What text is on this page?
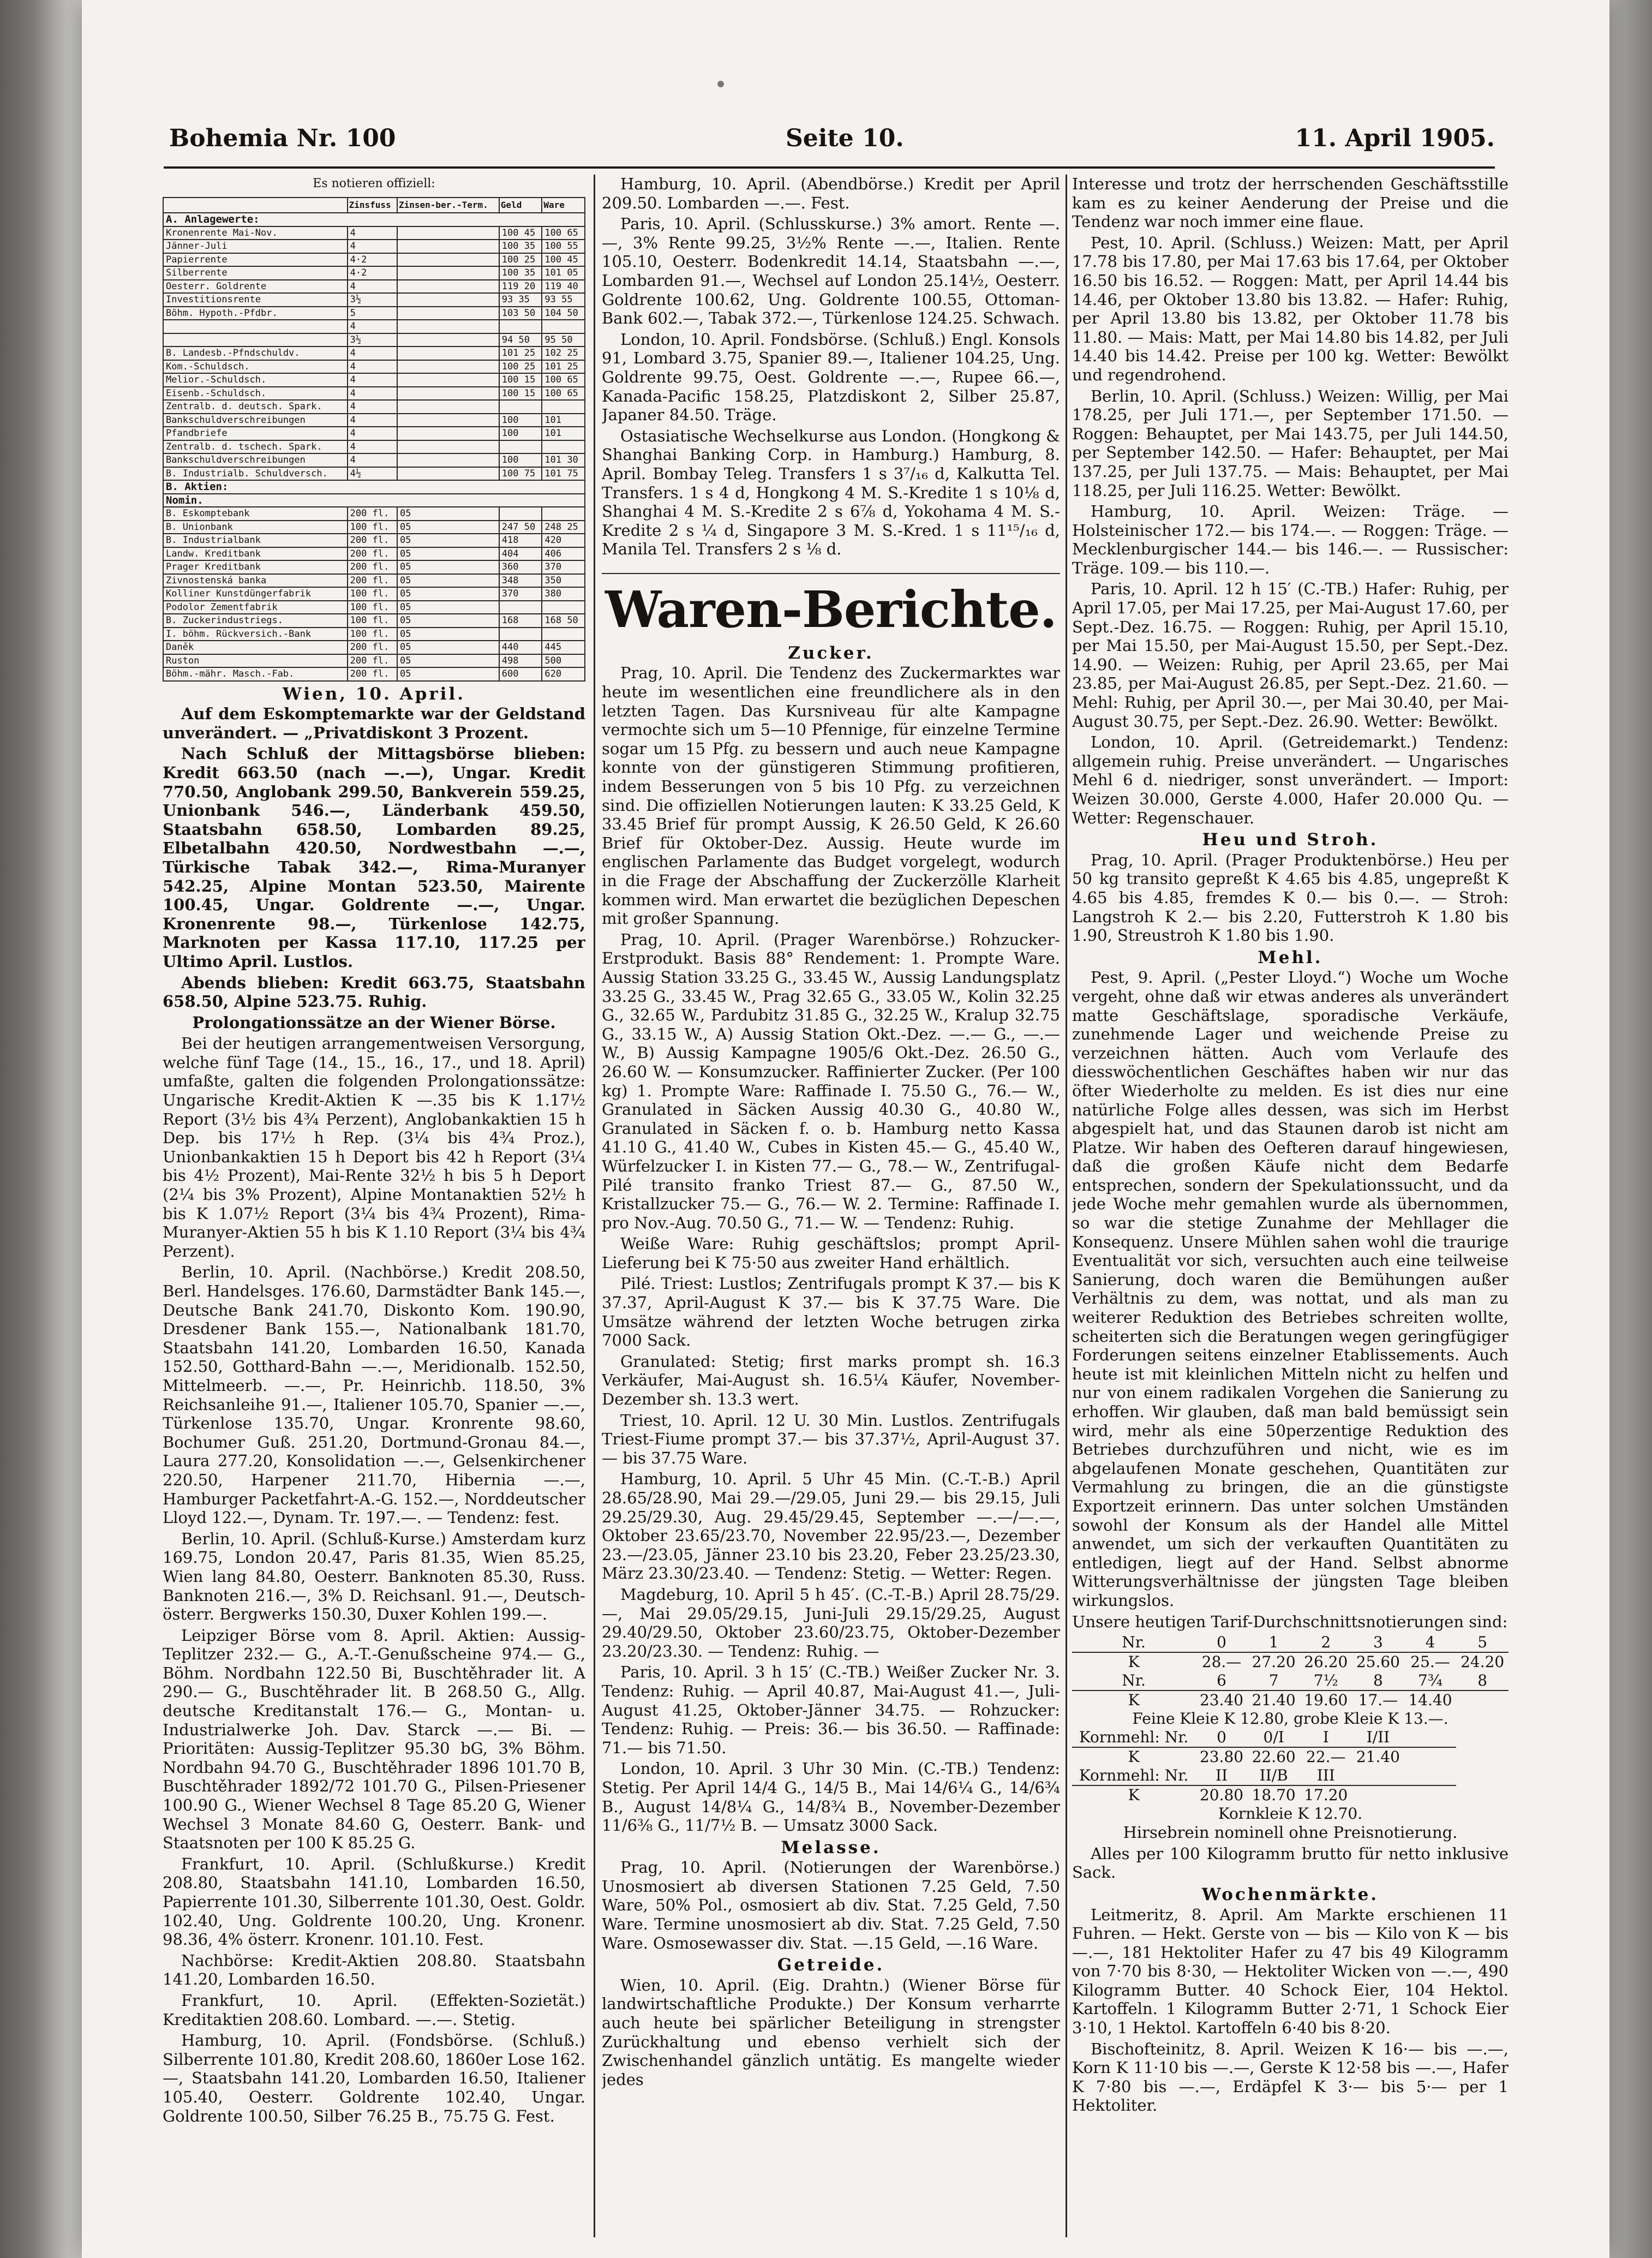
Bohemia Nr. 100	Seite 10.	11. April 1905.
Es notieren offiziell:
	Zinsfuss	Zinsen-ber.-Term.	Geld	Ware
A. Anlagewerte:				
Kronenrente Mai-Nov.	4		100 45	100 65
Jänner-Juli	4		100 35	100 55
Papierrente	4·2		100 25	100 45
Silberrente	4·2		100 35	101 05
Oesterr. Goldrente	4		119 20	119 40
Investitionsrente	3½		93 35	93 55
Böhm. Hypoth.-Pfdbr.	5		103 50	104 50
	4			
	3½		94 50	95 50
B. Landesb.-Pfndschuldv.	4		101 25	102 25
Kom.-Schuldsch.	4		100 25	101 25
Melior.-Schuldsch.	4		100 15	100 65
Eisenb.-Schuldsch.	4		100 15	100 65
Zentralb. d. deutsch. Spark.	4			
Bankschuldverschreibungen	4		100	101
Pfandbriefe	4		100	101
Zentralb. d. tschech. Spark.	4			
Bankschuldverschreibungen	4		100	101 30
B. Industrialb. Schuldversch.	4½		100 75	101 75
B. Aktien:				
Nomin.				
B. Eskomptebank	200 fl.	05		
B. Unionbank	100 fl.	05	247 50	248 25
B. Industrialbank	200 fl.	05	418	420
Landw. Kreditbank	200 fl.	05	404	406
Prager Kreditbank	200 fl.	05	360	370
Zivnostenská banka	200 fl.	05	348	350
Kolliner Kunstdüngerfabrik	100 fl.	05	370	380
Podolor Zementfabrik	100 fl.	05		
B. Zuckerindustriegs.	100 fl.	05	168	168 50
I. böhm. Rückversich.-Bank	100 fl.	05		
Daněk	200 fl.	05	440	445
Ruston	200 fl.	05	498	500
Böhm.-mähr. Masch.-Fab.	200 fl.	05	600	620

Wien, 10. April.

Auf dem Eskomptemarkte war der Geldstand unverändert. — „Privatdiskont 3 Prozent.

Nach Schluß der Mittagsbörse blieben: Kredit 663.50 (nach —.—), Ungar. Kredit 770.50, Anglobank 299.50, Bankverein 559.25, Unionbank 546.—, Länderbank 459.50, Staatsbahn 658.50, Lombarden 89.25, Elbetalbahn 420.50, Nordwestbahn —.—, Türkische Tabak 342.—, Rima-Muranyer 542.25, Alpine Montan 523.50, Mairente 100.45, Ungar. Goldrente —.—, Ungar. Kronenrente 98.—, Türkenlose 142.75, Marknoten per Kassa 117.10, 117.25 per Ultimo April. Lustlos.

Abends blieben: Kredit 663.75, Staatsbahn 658.50, Alpine 523.75. Ruhig.

Prolongationssätze an der Wiener Börse.

Bei der heutigen arrangementweisen Versorgung, welche fünf Tage (14., 15., 16., 17., und 18. April) umfaßte, galten die folgenden Prolongationssätze: Ungarische Kredit-Aktien K —.35 bis K 1.17½ Report (3½ bis 4¾ Perzent), Anglobankaktien 15 h Dep. bis 17½ h Rep. (3¼ bis 4¾ Proz.), Unionbankaktien 15 h Deport bis 42 h Report (3¼ bis 4½ Prozent), Mai-Rente 32½ h bis 5 h Deport (2¼ bis 3% Prozent), Alpine Montanaktien 52½ h bis K 1.07½ Report (3¼ bis 4¾ Prozent), Rima-Muranyer-Aktien 55 h bis K 1.10 Report (3¼ bis 4¾ Perzent).

Berlin, 10. April. (Nachbörse.) Kredit 208.50, Berl. Handelsges. 176.60, Darmstädter Bank 145.—, Deutsche Bank 241.70, Diskonto Kom. 190.90, Dresdener Bank 155.—, Nationalbank 181.70, Staatsbahn 141.20, Lombarden 16.50, Kanada 152.50, Gotthard-Bahn —.—, Meridionalb. 152.50, Mittelmeerb. —.—, Pr. Heinrichb. 118.50, 3% Reichsanleihe 91.—, Italiener 105.70, Spanier —.—, Türkenlose 135.70, Ungar. Kronrente 98.60, Bochumer Guß. 251.20, Dortmund-Gronau 84.—, Laura 277.20, Konsolidation —.—, Gelsenkirchener 220.50, Harpener 211.70, Hibernia —.—, Hamburger Packetfahrt-A.-G. 152.—, Norddeutscher Lloyd 122.—, Dynam. Tr. 197.—. — Tendenz: fest.

Berlin, 10. April. (Schluß-Kurse.) Amsterdam kurz 169.75, London 20.47, Paris 81.35, Wien 85.25, Wien lang 84.80, Oesterr. Banknoten 85.30, Russ. Banknoten 216.—, 3% D. Reichsanl. 91.—, Deutsch-österr. Bergwerks 150.30, Duxer Kohlen 199.—.

Leipziger Börse vom 8. April. Aktien: Aussig-Teplitzer 232.— G., A.-T.-Genußscheine 974.— G., Böhm. Nordbahn 122.50 Bi, Buschtěhrader lit. A 290.— G., Buschtěhrader lit. B 268.50 G., Allg. deutsche Kreditanstalt 176.— G., Montan- u. Industrialwerke Joh. Dav. Starck —.— Bi. — Prioritäten: Aussig-Teplitzer 95.30 bG, 3% Böhm. Nordbahn 94.70 G., Buschtěhrader 1896 101.70 B, Buschtěhrader 1892/72 101.70 G., Pilsen-Priesener 100.90 G., Wiener Wechsel 8 Tage 85.20 G, Wiener Wechsel 3 Monate 84.60 G, Oesterr. Bank- und Staatsnoten per 100 K 85.25 G.

Frankfurt, 10. April. (Schlußkurse.) Kredit 208.80, Staatsbahn 141.10, Lombarden 16.50, Papierrente 101.30, Silberrente 101.30, Oest. Goldr. 102.40, Ung. Goldrente 100.20, Ung. Kronenr. 98.36, 4% österr. Kronenr. 101.10. Fest.

Nachbörse: Kredit-Aktien 208.80. Staatsbahn 141.20, Lombarden 16.50.

Frankfurt, 10. April. (Effekten-Sozietät.) Kreditaktien 208.60. Lombard. —.—. Stetig.

Hamburg, 10. April. (Fondsbörse. (Schluß.) Silberrente 101.80, Kredit 208.60, 1860er Lose 162.—, Staatsbahn 141.20, Lombarden 16.50, Italiener 105.40, Oesterr. Goldrente 102.40, Ungar. Goldrente 100.50, Silber 76.25 B., 75.75 G. Fest.

Hamburg, 10. April. (Abendbörse.) Kredit per April 209.50. Lombarden —.—. Fest.

Paris, 10. April. (Schlusskurse.) 3% amort. Rente —.—, 3% Rente 99.25, 3½% Rente —.—, Italien. Rente 105.10, Oesterr. Bodenkredit 14.14, Staatsbahn —.—, Lombarden 91.—, Wechsel auf London 25.14½, Oesterr. Goldrente 100.62, Ung. Goldrente 100.55, Ottoman-Bank 602.—, Tabak 372.—, Türkenlose 124.25. Schwach.

London, 10. April. Fondsbörse. (Schluß.) Engl. Konsols 91, Lombard 3.75, Spanier 89.—, Italiener 104.25, Ung. Goldrente 99.75, Oest. Goldrente —.—, Rupee 66.—, Kanada-Pacific 158.25, Platzdiskont 2, Silber 25.87, Japaner 84.50. Träge.

Ostasiatische Wechselkurse aus London. (Hongkong & Shanghai Banking Corp. in Hamburg.) Hamburg, 8. April. Bombay Teleg. Transfers 1 s 3⁷/₁₆ d, Kalkutta Tel. Transfers. 1 s 4 d, Hongkong 4 M. S.-Kredite 1 s 10⅛ d, Shanghai 4 M. S.-Kredite 2 s 6⅞ d, Yokohama 4 M. S.-Kredite 2 s ¼ d, Singapore 3 M. S.-Kred. 1 s 11¹⁵/₁₆ d, Manila Tel. Transfers 2 s ⅛ d.

Waren-Berichte.

Zucker.

Prag, 10. April. Die Tendenz des Zuckermarktes war heute im wesentlichen eine freundlichere als in den letzten Tagen. Das Kursniveau für alte Kampagne vermochte sich um 5—10 Pfennige, für einzelne Termine sogar um 15 Pfg. zu bessern und auch neue Kampagne konnte von der günstigeren Stimmung profitieren, indem Besserungen von 5 bis 10 Pfg. zu verzeichnen sind. Die offiziellen Notierungen lauten: K 33.25 Geld, K 33.45 Brief für prompt Aussig, K 26.50 Geld, K 26.60 Brief für Oktober-Dez. Aussig. Heute wurde im englischen Parlamente das Budget vorgelegt, wodurch in die Frage der Abschaffung der Zuckerzölle Klarheit kommen wird. Man erwartet die bezüglichen Depeschen mit großer Spannung.

Prag, 10. April. (Prager Warenbörse.) Rohzucker-Erstprodukt. Basis 88° Rendement: 1. Prompte Ware. Aussig Station 33.25 G., 33.45 W., Aussig Landungsplatz 33.25 G., 33.45 W., Prag 32.65 G., 33.05 W., Kolin 32.25 G., 32.65 W., Pardubitz 31.85 G., 32.25 W., Kralup 32.75 G., 33.15 W., A) Aussig Station Okt.-Dez. —.— G., —.— W., B) Aussig Kampagne 1905/6 Okt.-Dez. 26.50 G., 26.60 W. — Konsumzucker. Raffinierter Zucker. (Per 100 kg) 1. Prompte Ware: Raffinade I. 75.50 G., 76.— W., Granulated in Säcken Aussig 40.30 G., 40.80 W., Granulated in Säcken f. o. b. Hamburg netto Kassa 41.10 G., 41.40 W., Cubes in Kisten 45.— G., 45.40 W., Würfelzucker I. in Kisten 77.— G., 78.— W., Zentrifugal-Pilé transito franko Triest 87.— G., 87.50 W., Kristallzucker 75.— G., 76.— W. 2. Termine: Raffinade I. pro Nov.-Aug. 70.50 G., 71.— W. — Tendenz: Ruhig.

Weiße Ware: Ruhig geschäftslos; prompt April-Lieferung bei K 75·50 aus zweiter Hand erhältlich.

Pilé. Triest: Lustlos; Zentrifugals prompt K 37.— bis K 37.37, April-August K 37.— bis K 37.75 Ware. Die Umsätze während der letzten Woche betrugen zirka 7000 Sack.

Granulated: Stetig; first marks prompt sh. 16.3 Verkäufer, Mai-August sh. 16.5¼ Käufer, November-Dezember sh. 13.3 wert.

Triest, 10. April. 12 U. 30 Min. Lustlos. Zentrifugals Triest-Fiume prompt 37.— bis 37.37½, April-August 37.— bis 37.75 Ware.

Hamburg, 10. April. 5 Uhr 45 Min. (C.-T.-B.) April 28.65/28.90, Mai 29.—/29.05, Juni 29.— bis 29.15, Juli 29.25/29.30, Aug. 29.45/29.45, September —.—/—.—, Oktober 23.65/23.70, November 22.95/23.—, Dezember 23.—/23.05, Jänner 23.10 bis 23.20, Feber 23.25/23.30, März 23.30/23.40. — Tendenz: Stetig. — Wetter: Regen.

Magdeburg, 10. April 5 h 45′. (C.-T.-B.) April 28.75/29.—, Mai 29.05/29.15, Juni-Juli 29.15/29.25, August 29.40/29.50, Oktober 23.60/23.75, Oktober-Dezember 23.20/23.30. — Tendenz: Ruhig. —

Paris, 10. April. 3 h 15′ (C.-TB.) Weißer Zucker Nr. 3. Tendenz: Ruhig. — April 40.87, Mai-August 41.—, Juli-August 41.25, Oktober-Jänner 34.75. — Rohzucker: Tendenz: Ruhig. — Preis: 36.— bis 36.50. — Raffinade: 71.— bis 71.50.

London, 10. April. 3 Uhr 30 Min. (C.-TB.) Tendenz: Stetig. Per April 14/4 G., 14/5 B., Mai 14/6¼ G., 14/6¾ B., August 14/8¼ G., 14/8¾ B., November-Dezember 11/6⅜ G., 11/7½ B. — Umsatz 3000 Sack.

Melasse.

Prag, 10. April. (Notierungen der Warenbörse.) Unosmosiert ab diversen Stationen 7.25 Geld, 7.50 Ware, 50% Pol., osmosiert ab div. Stat. 7.25 Geld, 7.50 Ware. Termine unosmosiert ab div. Stat. 7.25 Geld, 7.50 Ware. Osmosewasser div. Stat. —.15 Geld, —.16 Ware.

Getreide.

Wien, 10. April. (Eig. Drahtn.) (Wiener Börse für landwirtschaftliche Produkte.) Der Konsum verharrte auch heute bei spärlicher Beteiligung in strengster Zurückhaltung und ebenso verhielt sich der Zwischenhandel gänzlich untätig. Es mangelte wieder jedes

Interesse und trotz der herrschenden Geschäftsstille kam es zu keiner Aenderung der Preise und die Tendenz war noch immer eine flaue.

Pest, 10. April. (Schluss.) Weizen: Matt, per April 17.78 bis 17.80, per Mai 17.63 bis 17.64, per Oktober 16.50 bis 16.52. — Roggen: Matt, per April 14.44 bis 14.46, per Oktober 13.80 bis 13.82. — Hafer: Ruhig, per April 13.80 bis 13.82, per Oktober 11.78 bis 11.80. — Mais: Matt, per Mai 14.80 bis 14.82, per Juli 14.40 bis 14.42. Preise per 100 kg. Wetter: Bewölkt und regendrohend.

Berlin, 10. April. (Schluss.) Weizen: Willig, per Mai 178.25, per Juli 171.—, per September 171.50. — Roggen: Behauptet, per Mai 143.75, per Juli 144.50, per September 142.50. — Hafer: Behauptet, per Mai 137.25, per Juli 137.75. — Mais: Behauptet, per Mai 118.25, per Juli 116.25. Wetter: Bewölkt.

Hamburg, 10. April. Weizen: Träge. — Holsteinischer 172.— bis 174.—. — Roggen: Träge. — Mecklenburgischer 144.— bis 146.—. — Russischer: Träge. 109.— bis 110.—.

Paris, 10. April. 12 h 15′ (C.-TB.) Hafer: Ruhig, per April 17.05, per Mai 17.25, per Mai-August 17.60, per Sept.-Dez. 16.75. — Roggen: Ruhig, per April 15.10, per Mai 15.50, per Mai-August 15.50, per Sept.-Dez. 14.90. — Weizen: Ruhig, per April 23.65, per Mai 23.85, per Mai-August 26.85, per Sept.-Dez. 21.60. — Mehl: Ruhig, per April 30.—, per Mai 30.40, per Mai-August 30.75, per Sept.-Dez. 26.90. Wetter: Bewölkt.

London, 10. April. (Getreidemarkt.) Tendenz: allgemein ruhig. Preise unverändert. — Ungarisches Mehl 6 d. niedriger, sonst unverändert. — Import: Weizen 30.000, Gerste 4.000, Hafer 20.000 Qu. — Wetter: Regenschauer.

Heu und Stroh.

Prag, 10. April. (Prager Produktenbörse.) Heu per 50 kg transito gepreßt K 4.65 bis 4.85, ungepreßt K 4.65 bis 4.85, fremdes K 0.— bis 0.—. — Stroh: Langstroh K 2.— bis 2.20, Futterstroh K 1.80 bis 1.90, Streustroh K 1.80 bis 1.90.

Mehl.

Pest, 9. April. („Pester Lloyd.“) Woche um Woche vergeht, ohne daß wir etwas anderes als unverändert matte Geschäftslage, sporadische Verkäufe, zunehmende Lager und weichende Preise zu verzeichnen hätten. Auch vom Verlaufe des diesswöchentlichen Geschäftes haben wir nur das öfter Wiederholte zu melden. Es ist dies nur eine natürliche Folge alles dessen, was sich im Herbst abgespielt hat, und das Staunen darob ist nicht am Platze. Wir haben des Oefteren darauf hingewiesen, daß die großen Käufe nicht dem Bedarfe entsprechen, sondern der Spekulationssucht, und da jede Woche mehr gemahlen wurde als übernommen, so war die stetige Zunahme der Mehllager die Konsequenz. Unsere Mühlen sahen wohl die traurige Eventualität vor sich, versuchten auch eine teilweise Sanierung, doch waren die Bemühungen außer Verhältnis zu dem, was nottat, und als man zu weiterer Reduktion des Betriebes schreiten wollte, scheiterten sich die Beratungen wegen geringfügiger Forderungen seitens einzelner Etablissements. Auch heute ist mit kleinlichen Mitteln nicht zu helfen und nur von einem radikalen Vorgehen die Sanierung zu erhoffen. Wir glauben, daß man bald bemüssigt sein wird, mehr als eine 50perzentige Reduktion des Betriebes durchzuführen und nicht, wie es im abgelaufenen Monate geschehen, Quantitäten zur Vermahlung zu bringen, die an die günstigste Exportzeit erinnern. Das unter solchen Umständen sowohl der Konsum als der Handel alle Mittel anwendet, um sich der verkauften Quantitäten zu entledigen, liegt auf der Hand. Selbst abnorme Witterungsverhältnisse der jüngsten Tage bleiben wirkungslos.

Unsere heutigen Tarif-Durchschnittsnotierungen sind:

Nr.	0	1	2	3	4	5
K	28.—	27.20	26.20	25.60	25.—	24.20
Nr.	6	7	7½	8	7¾	8
K	23.40	21.40	19.60	17.—	14.40	
Feine Kleie K 12.80, grobe Kleie K 13.—.						
Kornmehl: Nr.	0	0/I	I	I/II		
K	23.80	22.60	22.—	21.40		
Kornmehl: Nr.	II	II/B	III			
K	20.80	18.70	17.20			
Kornkleie K 12.70.						

Hirsebrein nominell ohne Preisnotierung.

Alles per 100 Kilogramm brutto für netto inklusive Sack.

Wochenmärkte.

Leitmeritz, 8. April. Am Markte erschienen 11 Fuhren. — Hekt. Gerste von — bis — Kilo von K — bis —.—, 181 Hektoliter Hafer zu 47 bis 49 Kilogramm von 7·70 bis 8·30, — Hektoliter Wicken von —.—, 490 Kilogramm Butter. 40 Schock Eier, 104 Hektol. Kartoffeln. 1 Kilogramm Butter 2·71, 1 Schock Eier 3·10, 1 Hektol. Kartoffeln 6·40 bis 8·20.

Bischofteinitz, 8. April. Weizen K 16·— bis —.—, Korn K 11·10 bis —.—, Gerste K 12·58 bis —.—, Hafer K 7·80 bis —.—, Erdäpfel K 3·— bis 5·— per 1 Hektoliter.
